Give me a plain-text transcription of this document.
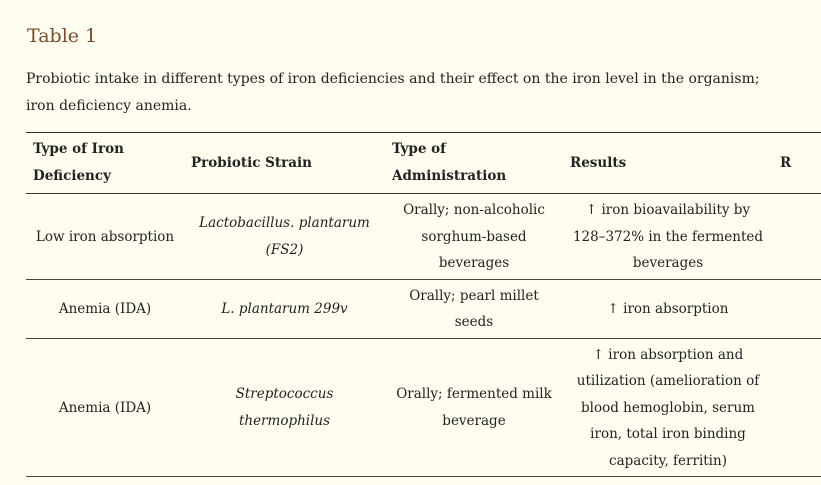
Table 1

Probiotic intake in different types of iron deficiencies and their effect on the iron level in the organism; iron deficiency anemia.

Type of Iron Deficiency	Probiotic Strain	Type of Administration	Results	R
Low iron absorption	Lactobacillus. plantarum (FS2)	Orally; non-alcoholic sorghum-based beverages	↑ iron bioavailability by 128–372% in the fermented beverages	
Anemia (IDA)	L. plantarum 299v	Orally; pearl millet seeds	↑ iron absorption	
Anemia (IDA)	Streptococcus thermophilus	Orally; fermented milk beverage	↑ iron absorption and utilization (amelioration of blood hemoglobin, serum iron, total iron binding capacity, ferritin)	
